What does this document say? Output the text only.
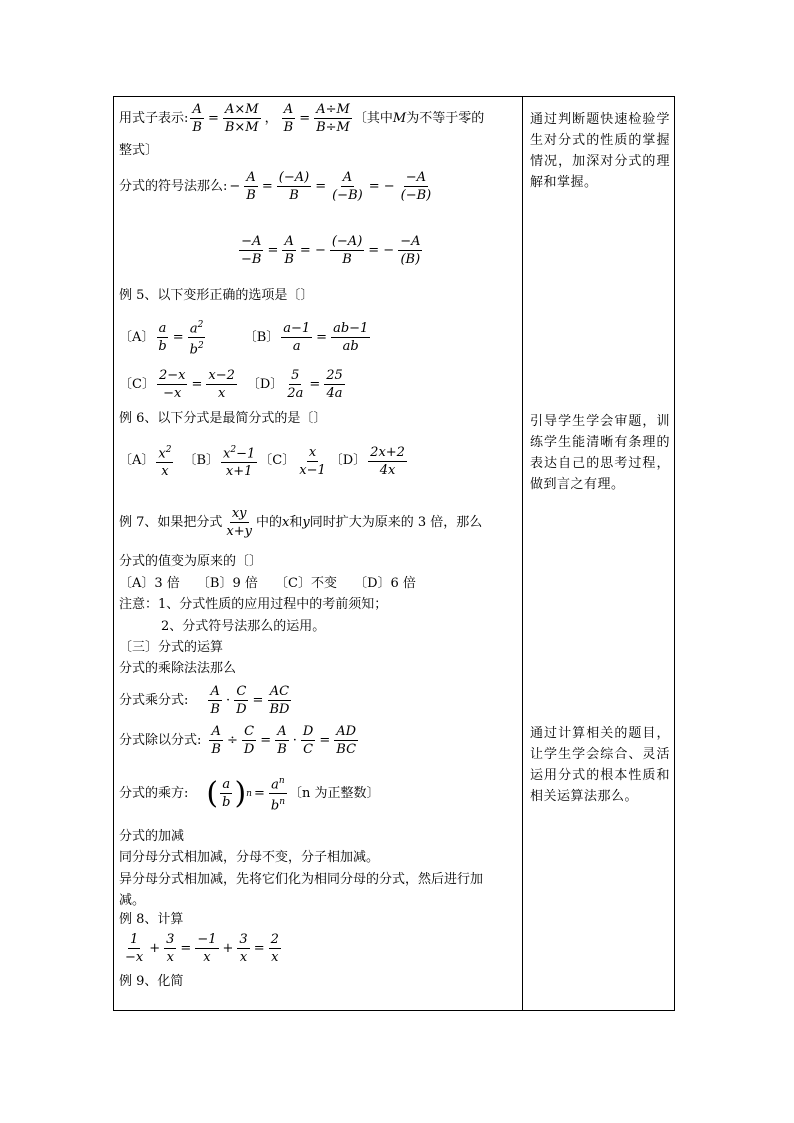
用式子表示: $\frac{A}{B} = \frac{A\times M}{B\times M}$ ， $\frac{A}{B} = \frac{A\div M}{B\div M}$ 〔其中 M 为不等于零的
整式〕
分式的符号法那么: − $\frac{A}{B} = \frac{(-A)}{B} = \frac{A}{(-B)}$ = − $\frac{-A}{(-B)}$
$\frac{-A}{-B} = \frac{A}{B}$ = − $\frac{(-A)}{B}$ = − $\frac{-A}{(B)}$
例 5、以下变形正确的选项是〔〕
〔A〕 $\frac{a}{b} = \frac{a^2}{b^2}$	〔B〕 $\frac{a-1}{a} = \frac{ab-1}{ab}$
〔C〕 $\frac{2-x}{-x} = \frac{x-2}{x}$ 〔D〕 $\frac{5}{2a} = \frac{25}{4a}$
例 6、以下分式是最简分式的是〔〕
〔A〕 $\frac{x^2}{x}$ 〔B〕 $\frac{x^2-1}{x+1}$ 〔C〕 $\frac{x}{x-1}$ 〔D〕 $\frac{2x+2}{4x}$
例 7、如果把分式 $\frac{xy}{x+y}$ 中的 x 和 y 同时扩大为原来的 3 倍，那么
分式的值变为原来的〔〕
〔A〕3 倍　 〔B〕9 倍　 〔C〕不变　 〔D〕6 倍
注意：1、分式性质的应用过程中的考前须知；
2、分式符号法那么的运用。
〔三〕分式的运算
分式的乘除法法那么
分式乘分式: $\frac{A}{B} \cdot \frac{C}{D} = \frac{AC}{BD}$
分式除以分式: $\frac{A}{B} \div \frac{C}{D} = \frac{A}{B} \cdot \frac{D}{C} = \frac{AD}{BC}$
分式的乘方: ( $\frac{a}{b}$ ) $n = \frac{a^n}{b^n}$ 〔n 为正整数〕
分式的加减
同分母分式相加减，分母不变，分子相加减。
异分母分式相加减，先将它们化为相同分母的分式，然后进行加
减。
例 8、计算
$\frac{1}{-x} + \frac{3}{x} = \frac{-1}{x} + \frac{3}{x} = \frac{2}{x}$
例 9、化简

通过判断题快速检验学生对分式的性质的掌握情况，加深对分式的理解和掌握。

引导学生学会审题，训练学生能清晰有条理的表达自己的思考过程，做到言之有理。

通过计算相关的题目，让学生学会综合、灵活运用分式的根本性质和相关运算法那么。
